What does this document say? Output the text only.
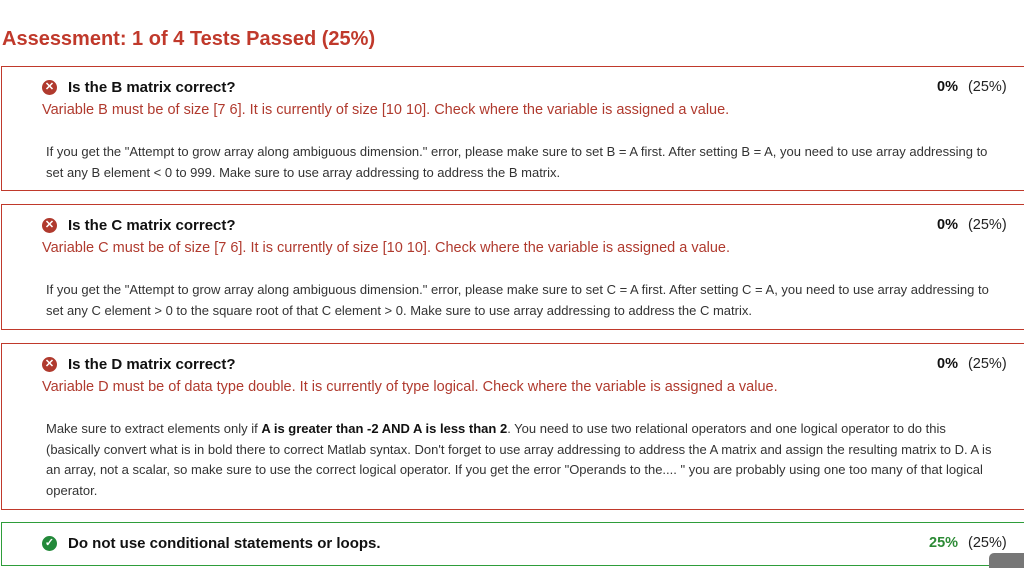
Assessment: 1 of 4 Tests Passed (25%)
✕ Is the B matrix correct?	0% (25%)
Variable B must be of size [7 6]. It is currently of size [10 10]. Check where the variable is assigned a value.
If you get the "Attempt to grow array along ambiguous dimension." error, please make sure to set B = A first. After setting B = A, you need to use array addressing to set any B element < 0 to 999. Make sure to use array addressing to address the B matrix.
✕ Is the C matrix correct?	0% (25%)
Variable C must be of size [7 6]. It is currently of size [10 10]. Check where the variable is assigned a value.
If you get the "Attempt to grow array along ambiguous dimension." error, please make sure to set C = A first. After setting C = A, you need to use array addressing to set any C element > 0 to the square root of that C element > 0. Make sure to use array addressing to address the C matrix.
✕ Is the D matrix correct?	0% (25%)
Variable D must be of data type double. It is currently of type logical. Check where the variable is assigned a value.
Make sure to extract elements only if A is greater than -2 AND A is less than 2. You need to use two relational operators and one logical operator to do this (basically convert what is in bold there to correct Matlab syntax. Don't forget to use array addressing to address the A matrix and assign the resulting matrix to D. A is an array, not a scalar, so make sure to use the correct logical operator. If you get the error "Operands to the.... " you are probably using one too many of that logical operator.
✓ Do not use conditional statements or loops.	25% (25%)
